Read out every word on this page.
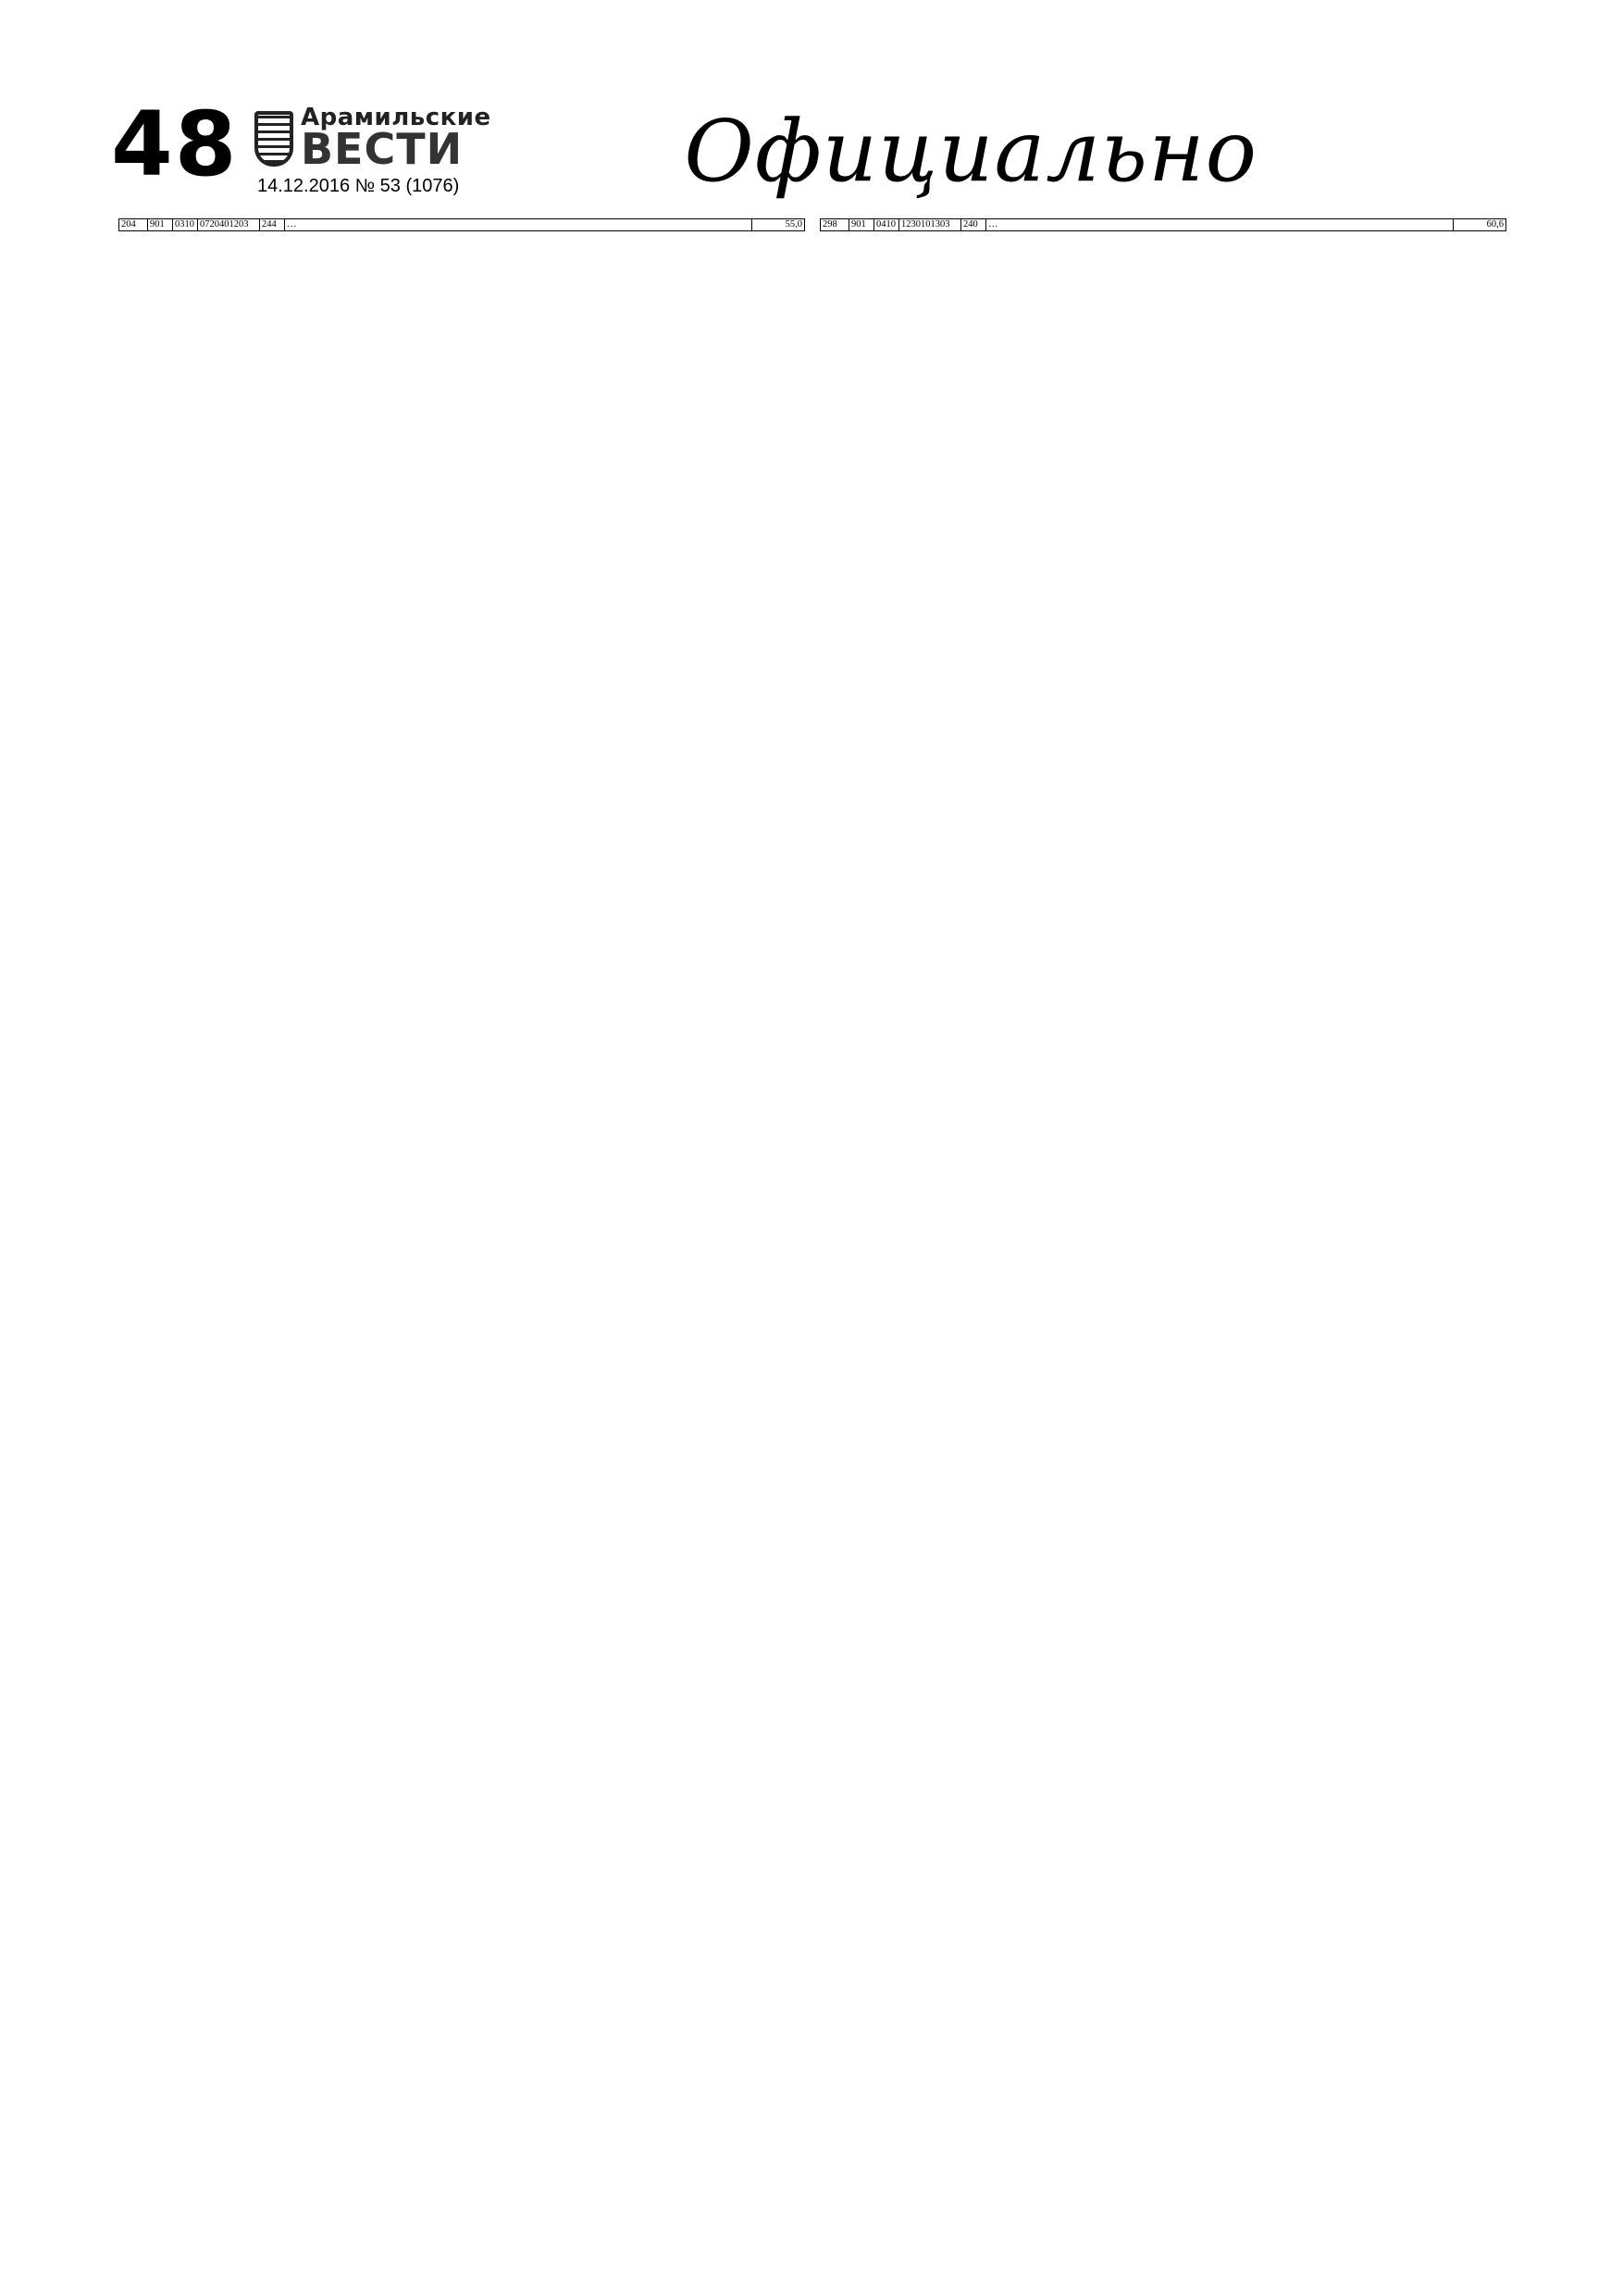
48	Арамильские
ВЕСТИ
14.12.2016 № 53 (1076)	Официально
204	901	0310	0720401203	244	…	55,0 298	901	0410	1230101303	240	…	60,6
